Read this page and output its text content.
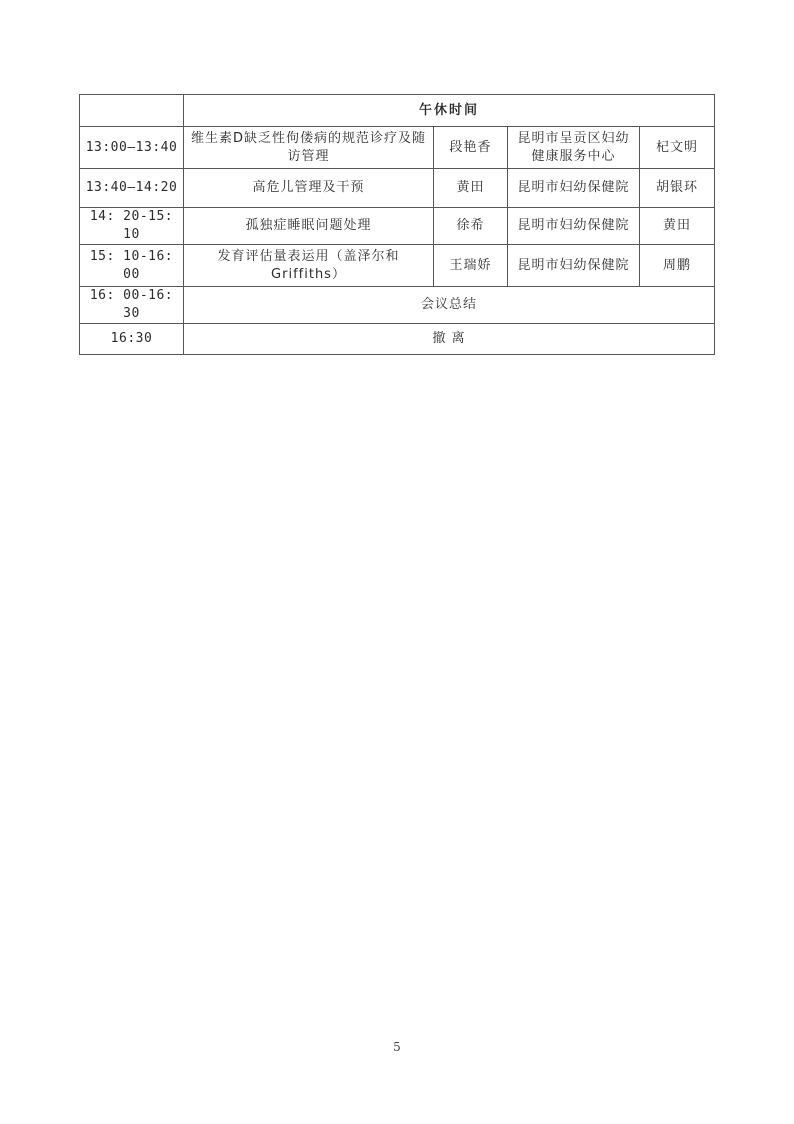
	午休时间			
13:00—13:40	维生素D缺乏性佝偻病的规范诊疗及随访管理	段艳香	昆明市呈贡区妇幼健康服务中心	杞文明
13:40—14:20	高危儿管理及干预	黄田	昆明市妇幼保健院	胡银环
14: 20-15: 10	孤独症睡眠问题处理	徐希	昆明市妇幼保健院	黄田
15: 10-16: 00	发育评估量表运用（盖泽尔和Griffiths）	王瑞娇	昆明市妇幼保健院	周鹏
16: 00-16: 30	会议总结			
16:30	撤 离			
5
